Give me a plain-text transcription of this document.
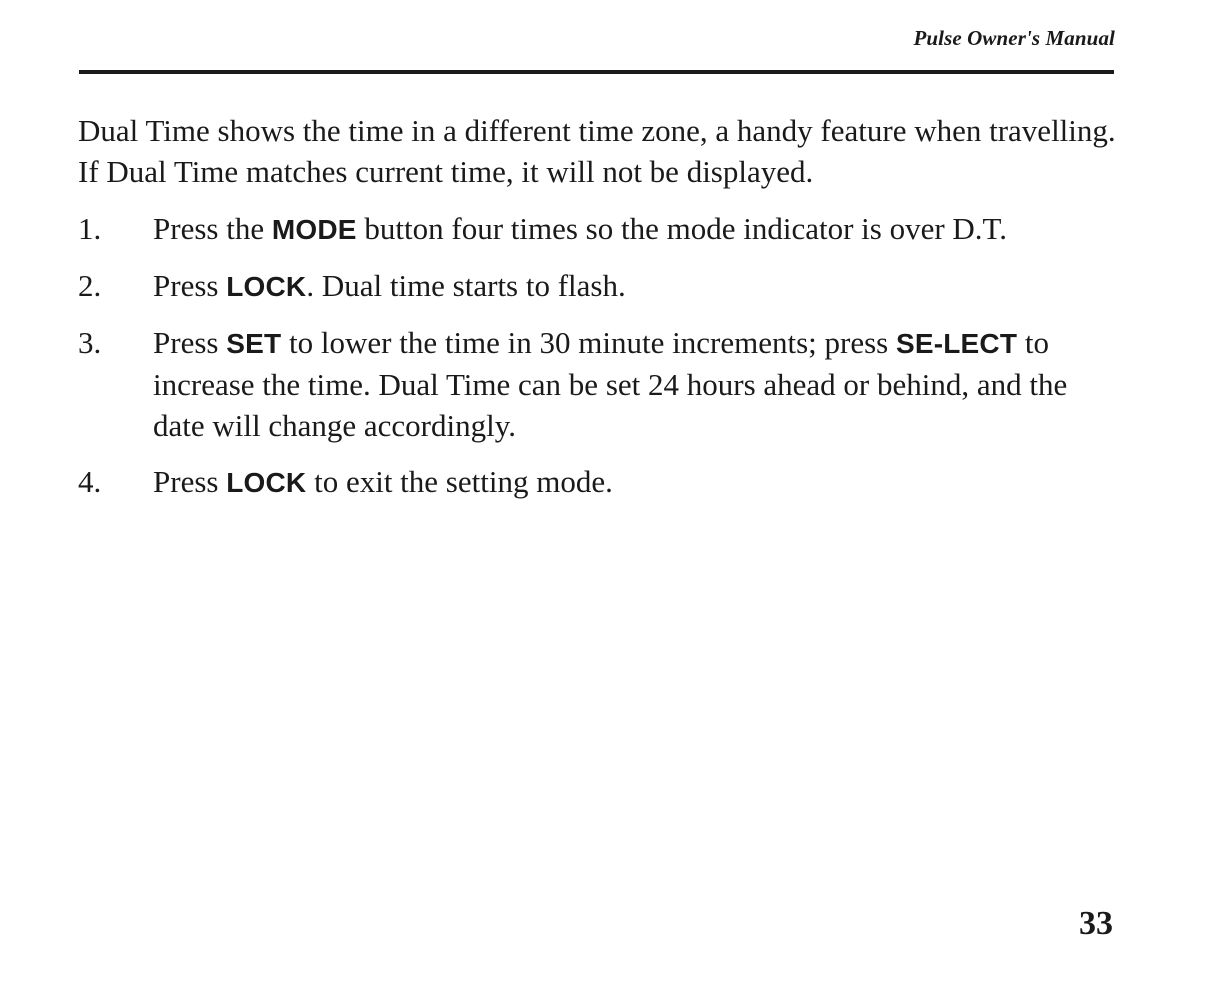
Pulse Owner's Manual

Dual Time shows the time in a different time zone, a handy feature when travelling. If Dual Time matches current time, it will not be displayed.

1.	Press the MODE button four times so the mode indicator is over D.T.
2.	Press LOCK. Dual time starts to flash.
3.	Press SET to lower the time in 30 minute increments; press SE-LECT to increase the time. Dual Time can be set 24 hours ahead or behind, and the date will change accordingly.
4.	Press LOCK to exit the setting mode.
33
